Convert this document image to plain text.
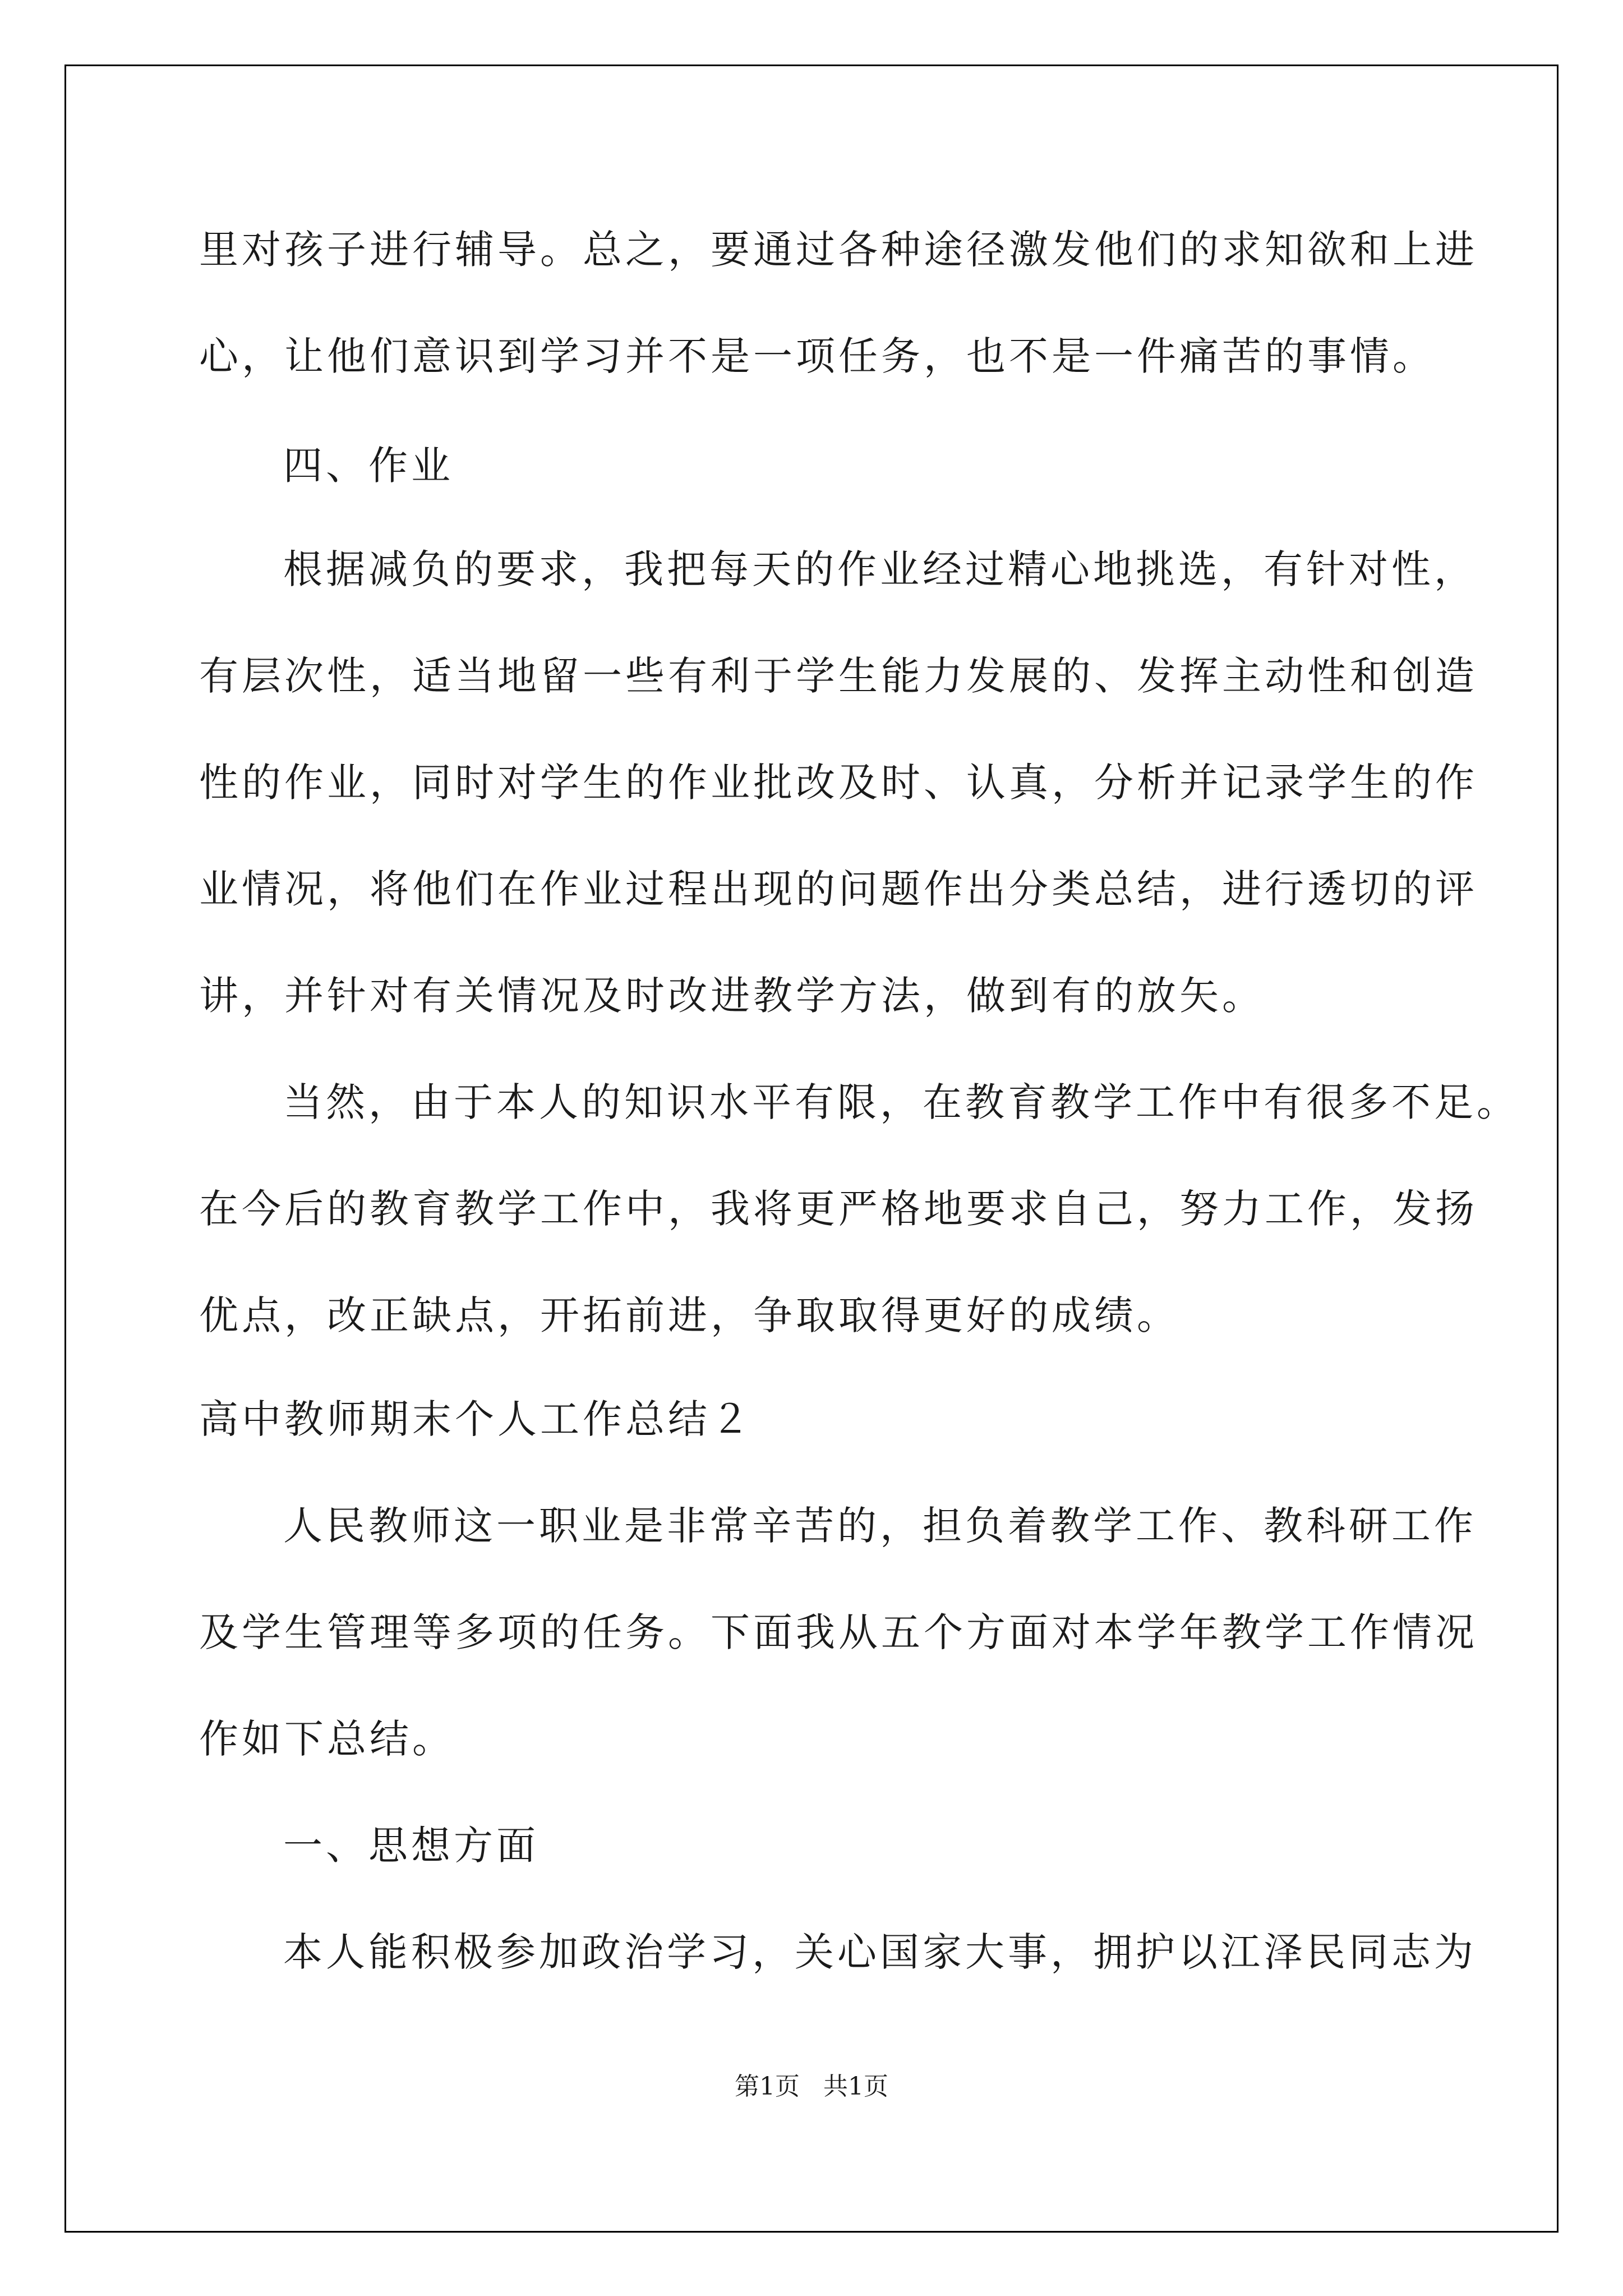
里对孩子进行辅导。总之，要通过各种途径激发他们的求知欲和上进
心，让他们意识到学习并不是一项任务，也不是一件痛苦的事情。
四、作业
根据减负的要求，我把每天的作业经过精心地挑选，有针对性，
有层次性，适当地留一些有利于学生能力发展的、发挥主动性和创造
性的作业，同时对学生的作业批改及时、认真，分析并记录学生的作
业情况，将他们在作业过程出现的问题作出分类总结，进行透切的评
讲，并针对有关情况及时改进教学方法，做到有的放矢。
当然，由于本人的知识水平有限，在教育教学工作中有很多不足。
在今后的教育教学工作中，我将更严格地要求自己，努力工作，发扬
优点，改正缺点，开拓前进，争取取得更好的成绩。
高中教师期末个人工作总结２
人民教师这一职业是非常辛苦的，担负着教学工作、教科研工作
及学生管理等多项的任务。下面我从五个方面对本学年教学工作情况
作如下总结。
一、思想方面
本人能积极参加政治学习，关心国家大事，拥护以江泽民同志为
第1页   共1页
